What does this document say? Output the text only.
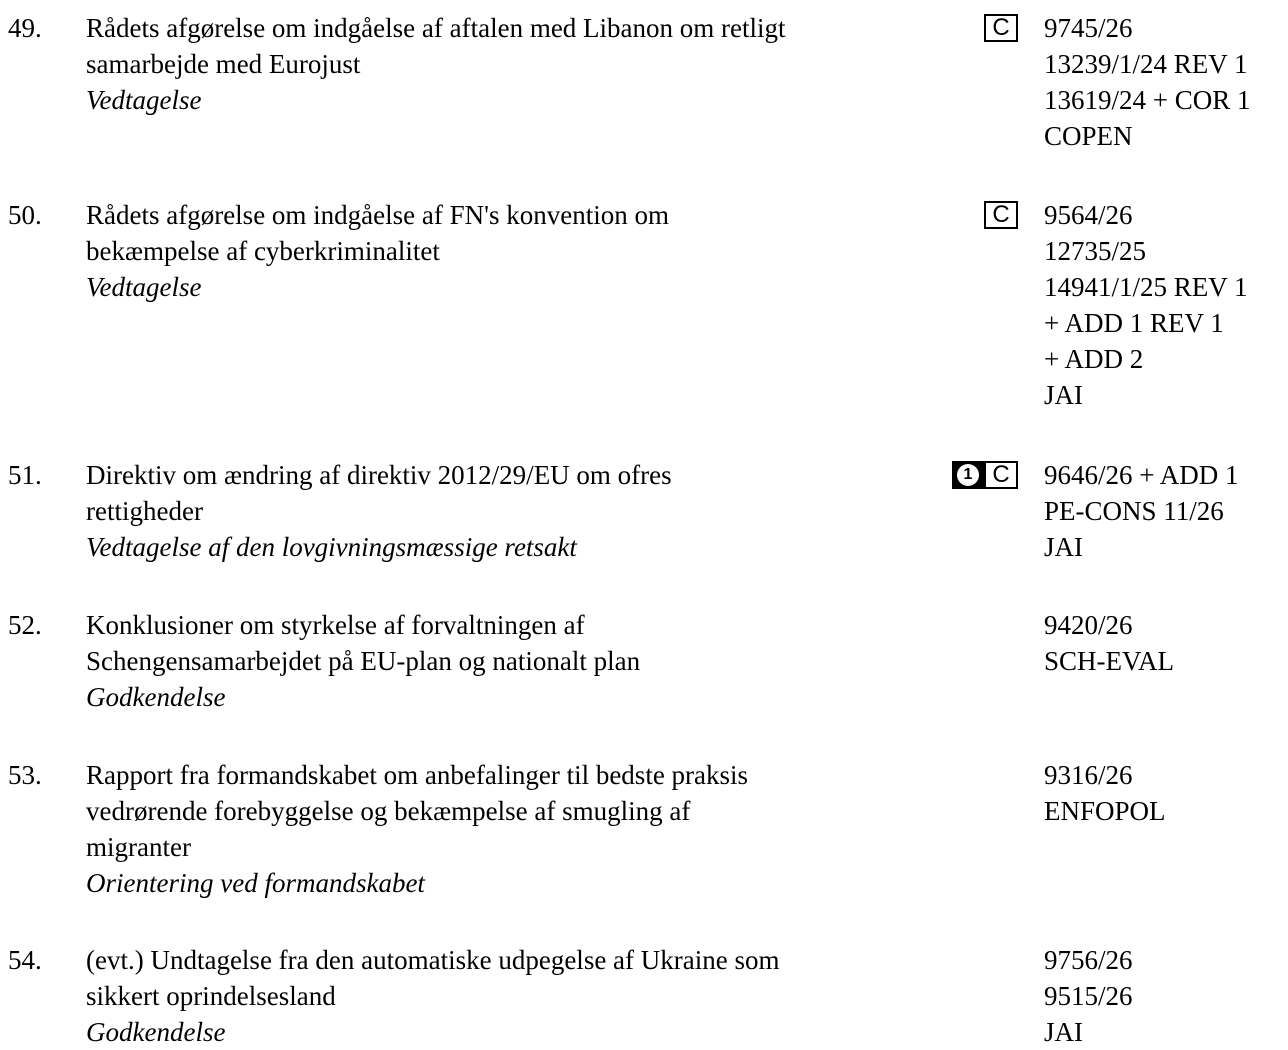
49. Rådets afgørelse om indgåelse af aftalen med Libanon om retligt
samarbejde med Eurojust
Vedtagelse
C	9745/26
13239/1/24 REV 1
13619/24 + COR 1
COPEN
50. Rådets afgørelse om indgåelse af FN's konvention om
bekæmpelse af cyberkriminalitet
Vedtagelse
C	9564/26
12735/25
14941/1/25 REV 1
+ ADD 1 REV 1
+ ADD 2
JAI
51. Direktiv om ændring af direktiv 2012/29/EU om ofres
rettigheder
Vedtagelse af den lovgivningsmæssige retsakt
1 C	9646/26 + ADD 1
PE-CONS 11/26
JAI
52. Konklusioner om styrkelse af forvaltningen af
Schengensamarbejdet på EU-plan og nationalt plan
Godkendelse
9420/26
SCH-EVAL
53. Rapport fra formandskabet om anbefalinger til bedste praksis
vedrørende forebyggelse og bekæmpelse af smugling af
migranter
Orientering ved formandskabet
9316/26
ENFOPOL
54. (evt.) Undtagelse fra den automatiske udpegelse af Ukraine som
sikkert oprindelsesland
Godkendelse
9756/26
9515/26
JAI
